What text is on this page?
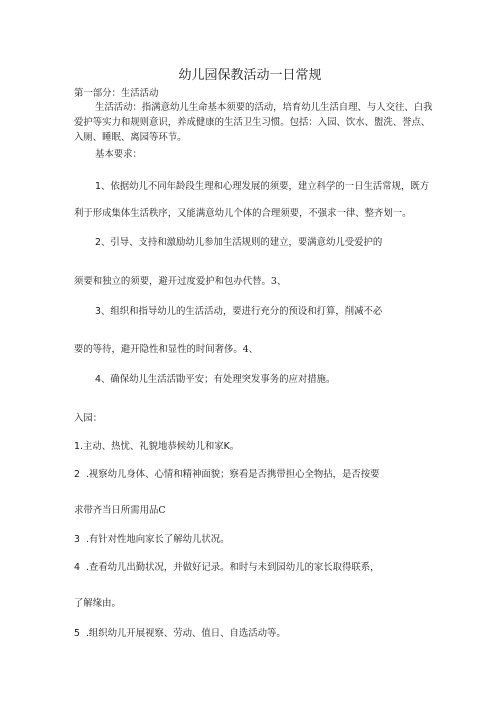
幼儿园保教活动一日常规
第一部分：生活活动
生活活动：指满意幼儿生命基本须要的活动，培育幼儿生活自理、与人交往、白我
爱护等实力和规则意识，养成健康的生活卫生习惯。包括：入园、饮水、盥洗、誉点、
入厕、睡眠、离园等环节。
基本要求：
1、依据幼儿不同年龄段生理和心理发展的须要，建立科学的一日生活常规，既方
利于形成集体生活秩序，又能满意幼儿个体的合理须要，不强求一律、整齐划一。
2、引导、支持和激励幼儿参加生活规则的建立，要满意幼儿受爱护的
须要和独立的须要，避开过度爱护和包办代替。3、
3、组织和指导幼儿的生活活动，要进行充分的预设和打算，削减不必
要的等待，避开隐性和显性的时间奢侈。4、
4、确保幼儿生活活勖平安；有处理突发事务的应对措施。
入园：
1.主动、热忧、礼貌地恭候幼儿和家K。
2 .视察幼儿身体、心情和精神面貌；察看是否携带担心全物拈，是否按要
求带齐当日所需用品C
3 .有针对性地向家长了解幼儿状况。
4 .查看幼儿出勤状况，并做好记录。和时与未到园幼儿的家长取得联系，
了解缘由。
5 .组织幼儿开展视察、劳动、值日、自选活动等。
